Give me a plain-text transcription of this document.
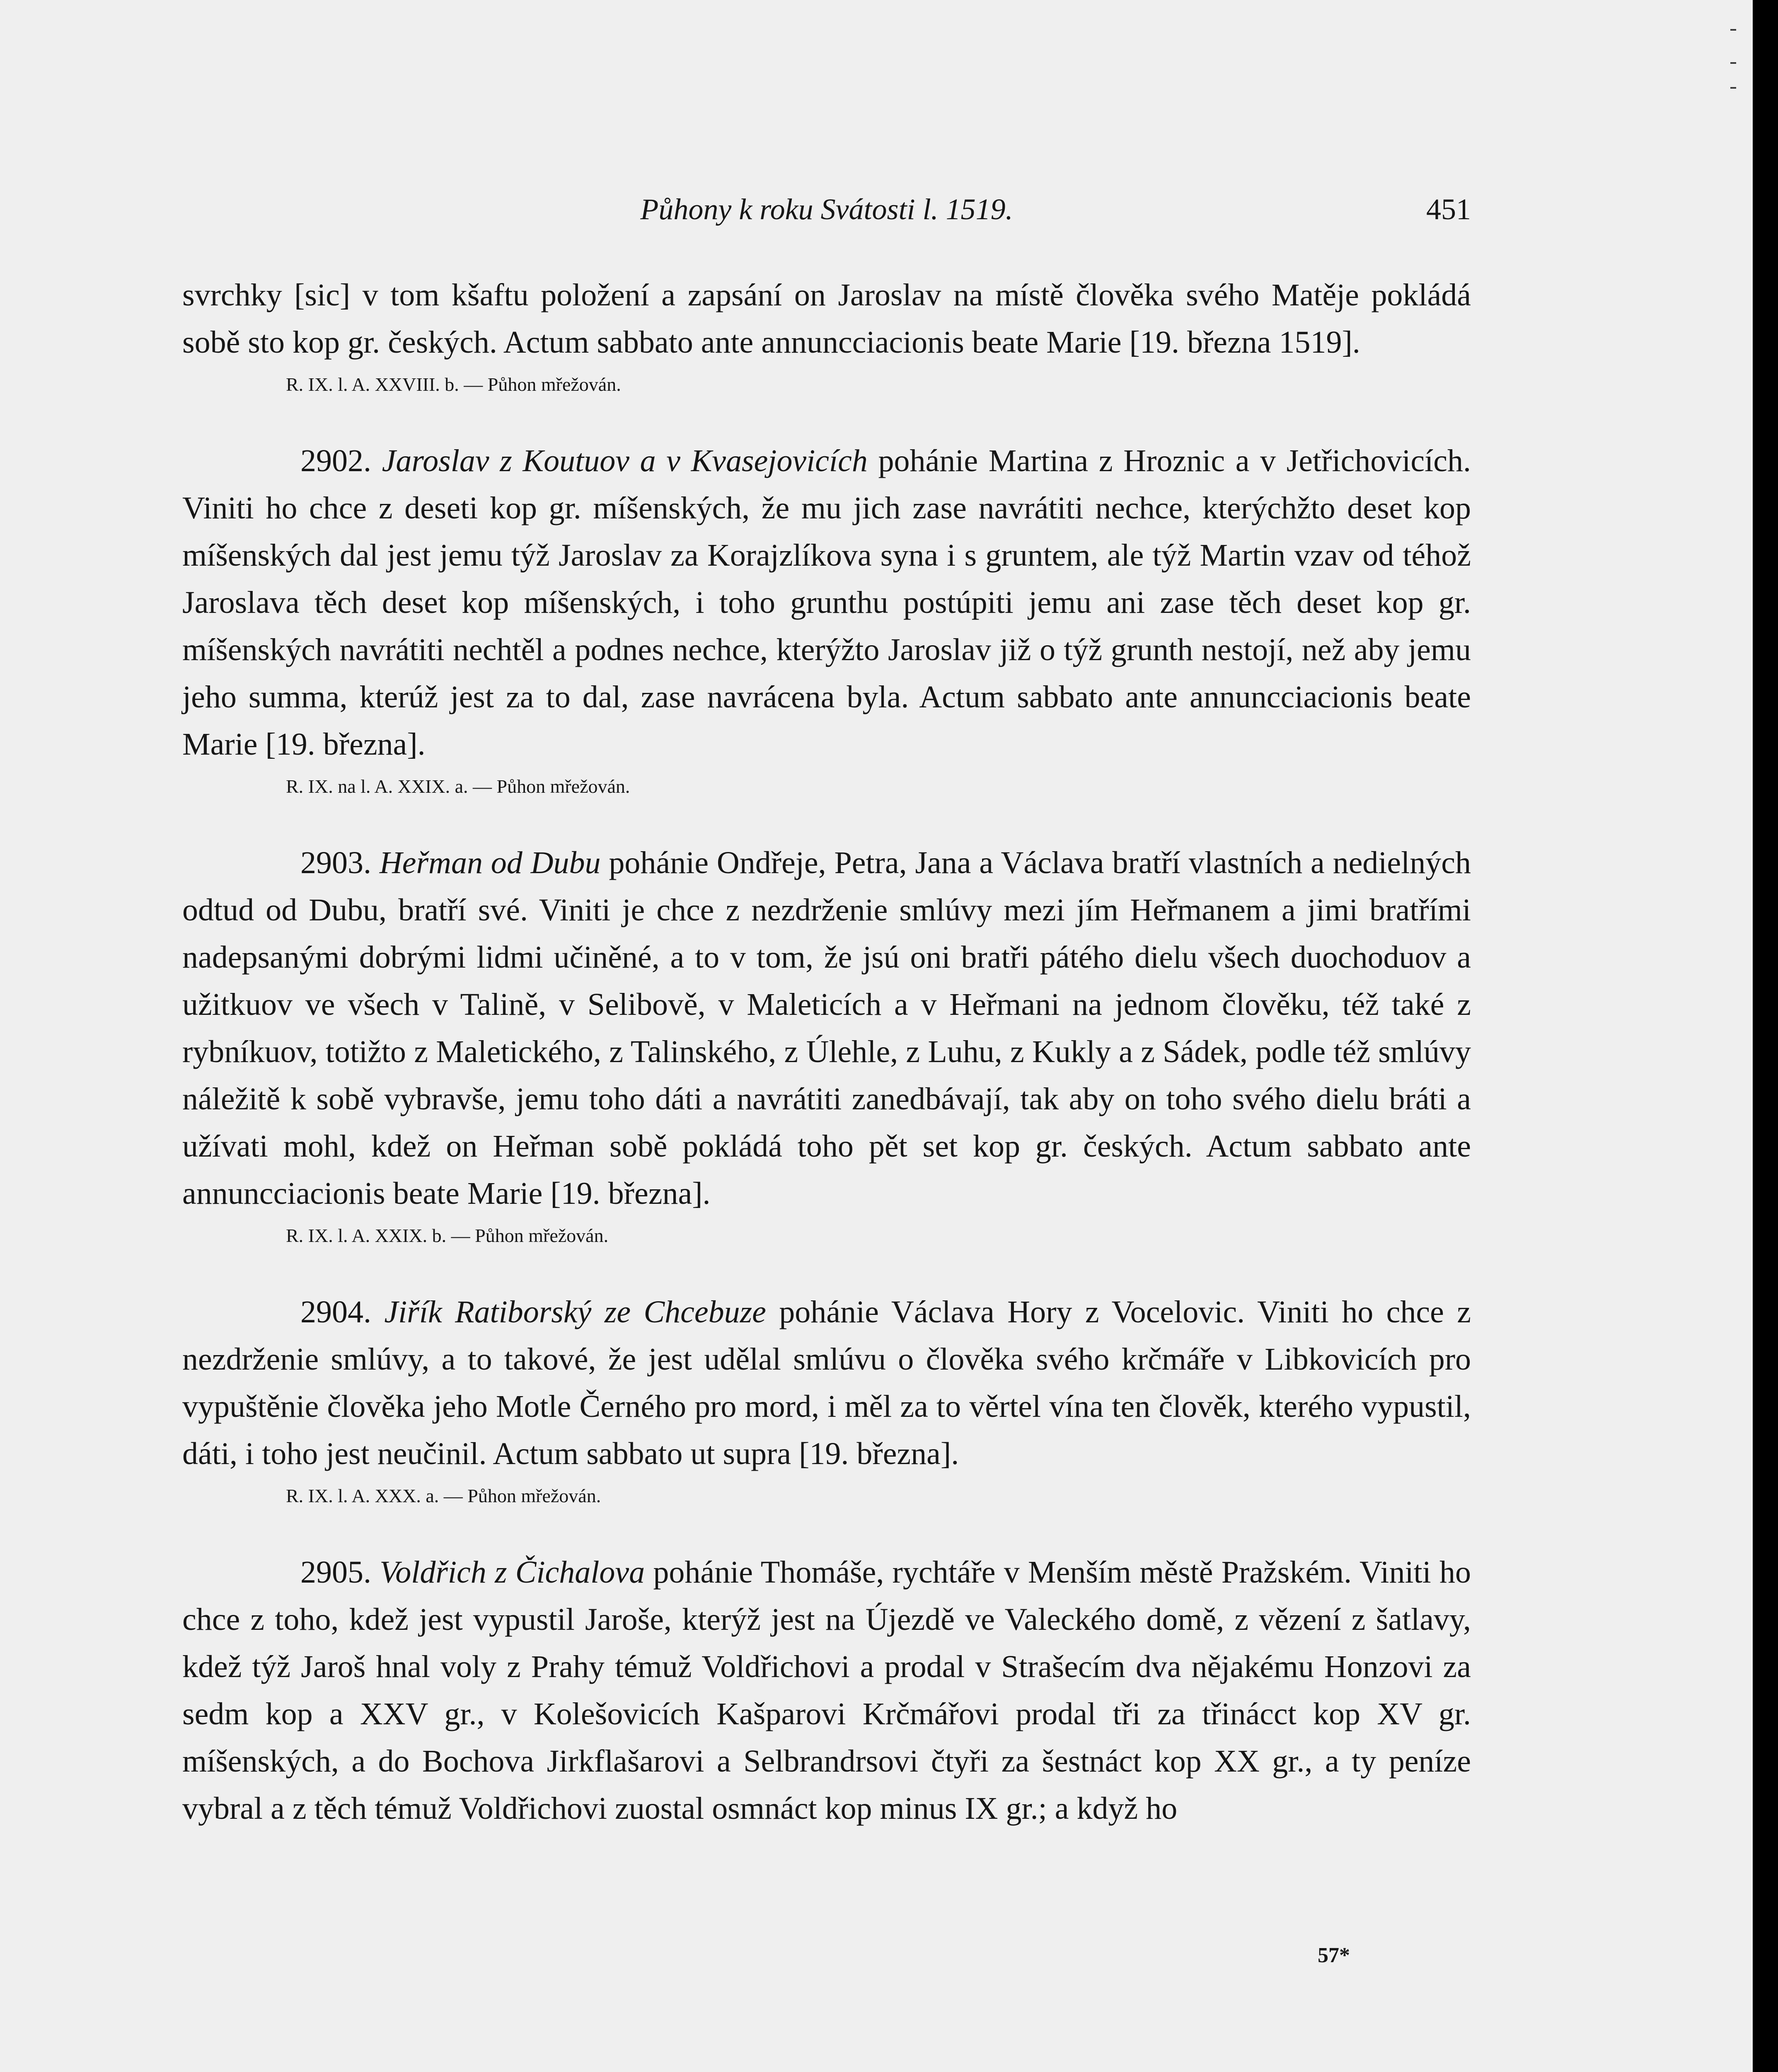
Půhony k roku Svátosti l. 1519.	451

svrchky [sic] v tom kšaftu položení a zapsání on Jaroslav na místě člověka svého Matěje pokládá sobě sto kop gr. českých. Actum sabbato ante annuncciacionis beate Marie [19. března 1519].

R. IX. l. A. XXVIII. b. — Půhon mřežován.

2902. Jaroslav z Koutuov a v Kvasejovicích pohánie Martina z Hroznic a v Jetřichovicích. Viniti ho chce z deseti kop gr. míšenských, že mu jich zase navrátiti nechce, kterýchžto deset kop míšenských dal jest jemu týž Jaroslav za Korajzlíkova syna i s gruntem, ale týž Martin vzav od téhož Jaroslava těch deset kop míšenských, i toho grunthu postúpiti jemu ani zase těch deset kop gr. míšenských navrátiti nechtěl a podnes nechce, kterýžto Jaroslav již o týž grunth nestojí, než aby jemu jeho summa, kterúž jest za to dal, zase navrácena byla. Actum sabbato ante annuncciacionis beate Marie [19. března].

R. IX. na l. A. XXIX. a. — Půhon mřežován.

2903. Heřman od Dubu pohánie Ondřeje, Petra, Jana a Václava bratří vlastních a nedielných odtud od Dubu, bratří své. Viniti je chce z nezdrženie smlúvy mezi jím Heřmanem a jimi bratřími nadepsanými dobrými lidmi učiněné, a to v tom, že jsú oni bratři pátého dielu všech duochoduov a užitkuov ve všech v Talině, v Selibově, v Maleticích a v Heřmani na jednom člověku, též také z rybníkuov, totižto z Maletického, z Talinského, z Úlehle, z Luhu, z Kukly a z Sádek, podle též smlúvy náležitě k sobě vybravše, jemu toho dáti a navrátiti zanedbávají, tak aby on toho svého dielu bráti a užívati mohl, kdež on Heřman sobě pokládá toho pět set kop gr. českých. Actum sabbato ante annuncciacionis beate Marie [19. března].

R. IX. l. A. XXIX. b. — Půhon mřežován.

2904. Jiřík Ratiborský ze Chcebuze pohánie Václava Hory z Vocelovic. Viniti ho chce z nezdrženie smlúvy, a to takové, že jest udělal smlúvu o člověka svého krčmáře v Libkovicích pro vypuštěnie člověka jeho Motle Černého pro mord, i měl za to věrtel vína ten člověk, kterého vypustil, dáti, i toho jest neučinil. Actum sabbato ut supra [19. března].

R. IX. l. A. XXX. a. — Půhon mřežován.

2905. Voldřich z Čichalova pohánie Thomáše, rychtáře v Menším městě Pražském. Viniti ho chce z toho, kdež jest vypustil Jaroše, kterýž jest na Újezdě ve Valeckého domě, z vězení z šatlavy, kdež týž Jaroš hnal voly z Prahy témuž Voldřichovi a prodal v Strašecím dva nějakému Honzovi za sedm kop a XXV gr., v Kolešovicích Kašparovi Krčmářovi prodal tři za třinácct kop XV gr. míšenských, a do Bochova Jirkflašarovi a Selbrandrsovi čtyři za šestnáct kop XX gr., a ty peníze vybral a z těch témuž Voldřichovi zuostal osmnáct kop minus IX gr.; a když ho

57*
